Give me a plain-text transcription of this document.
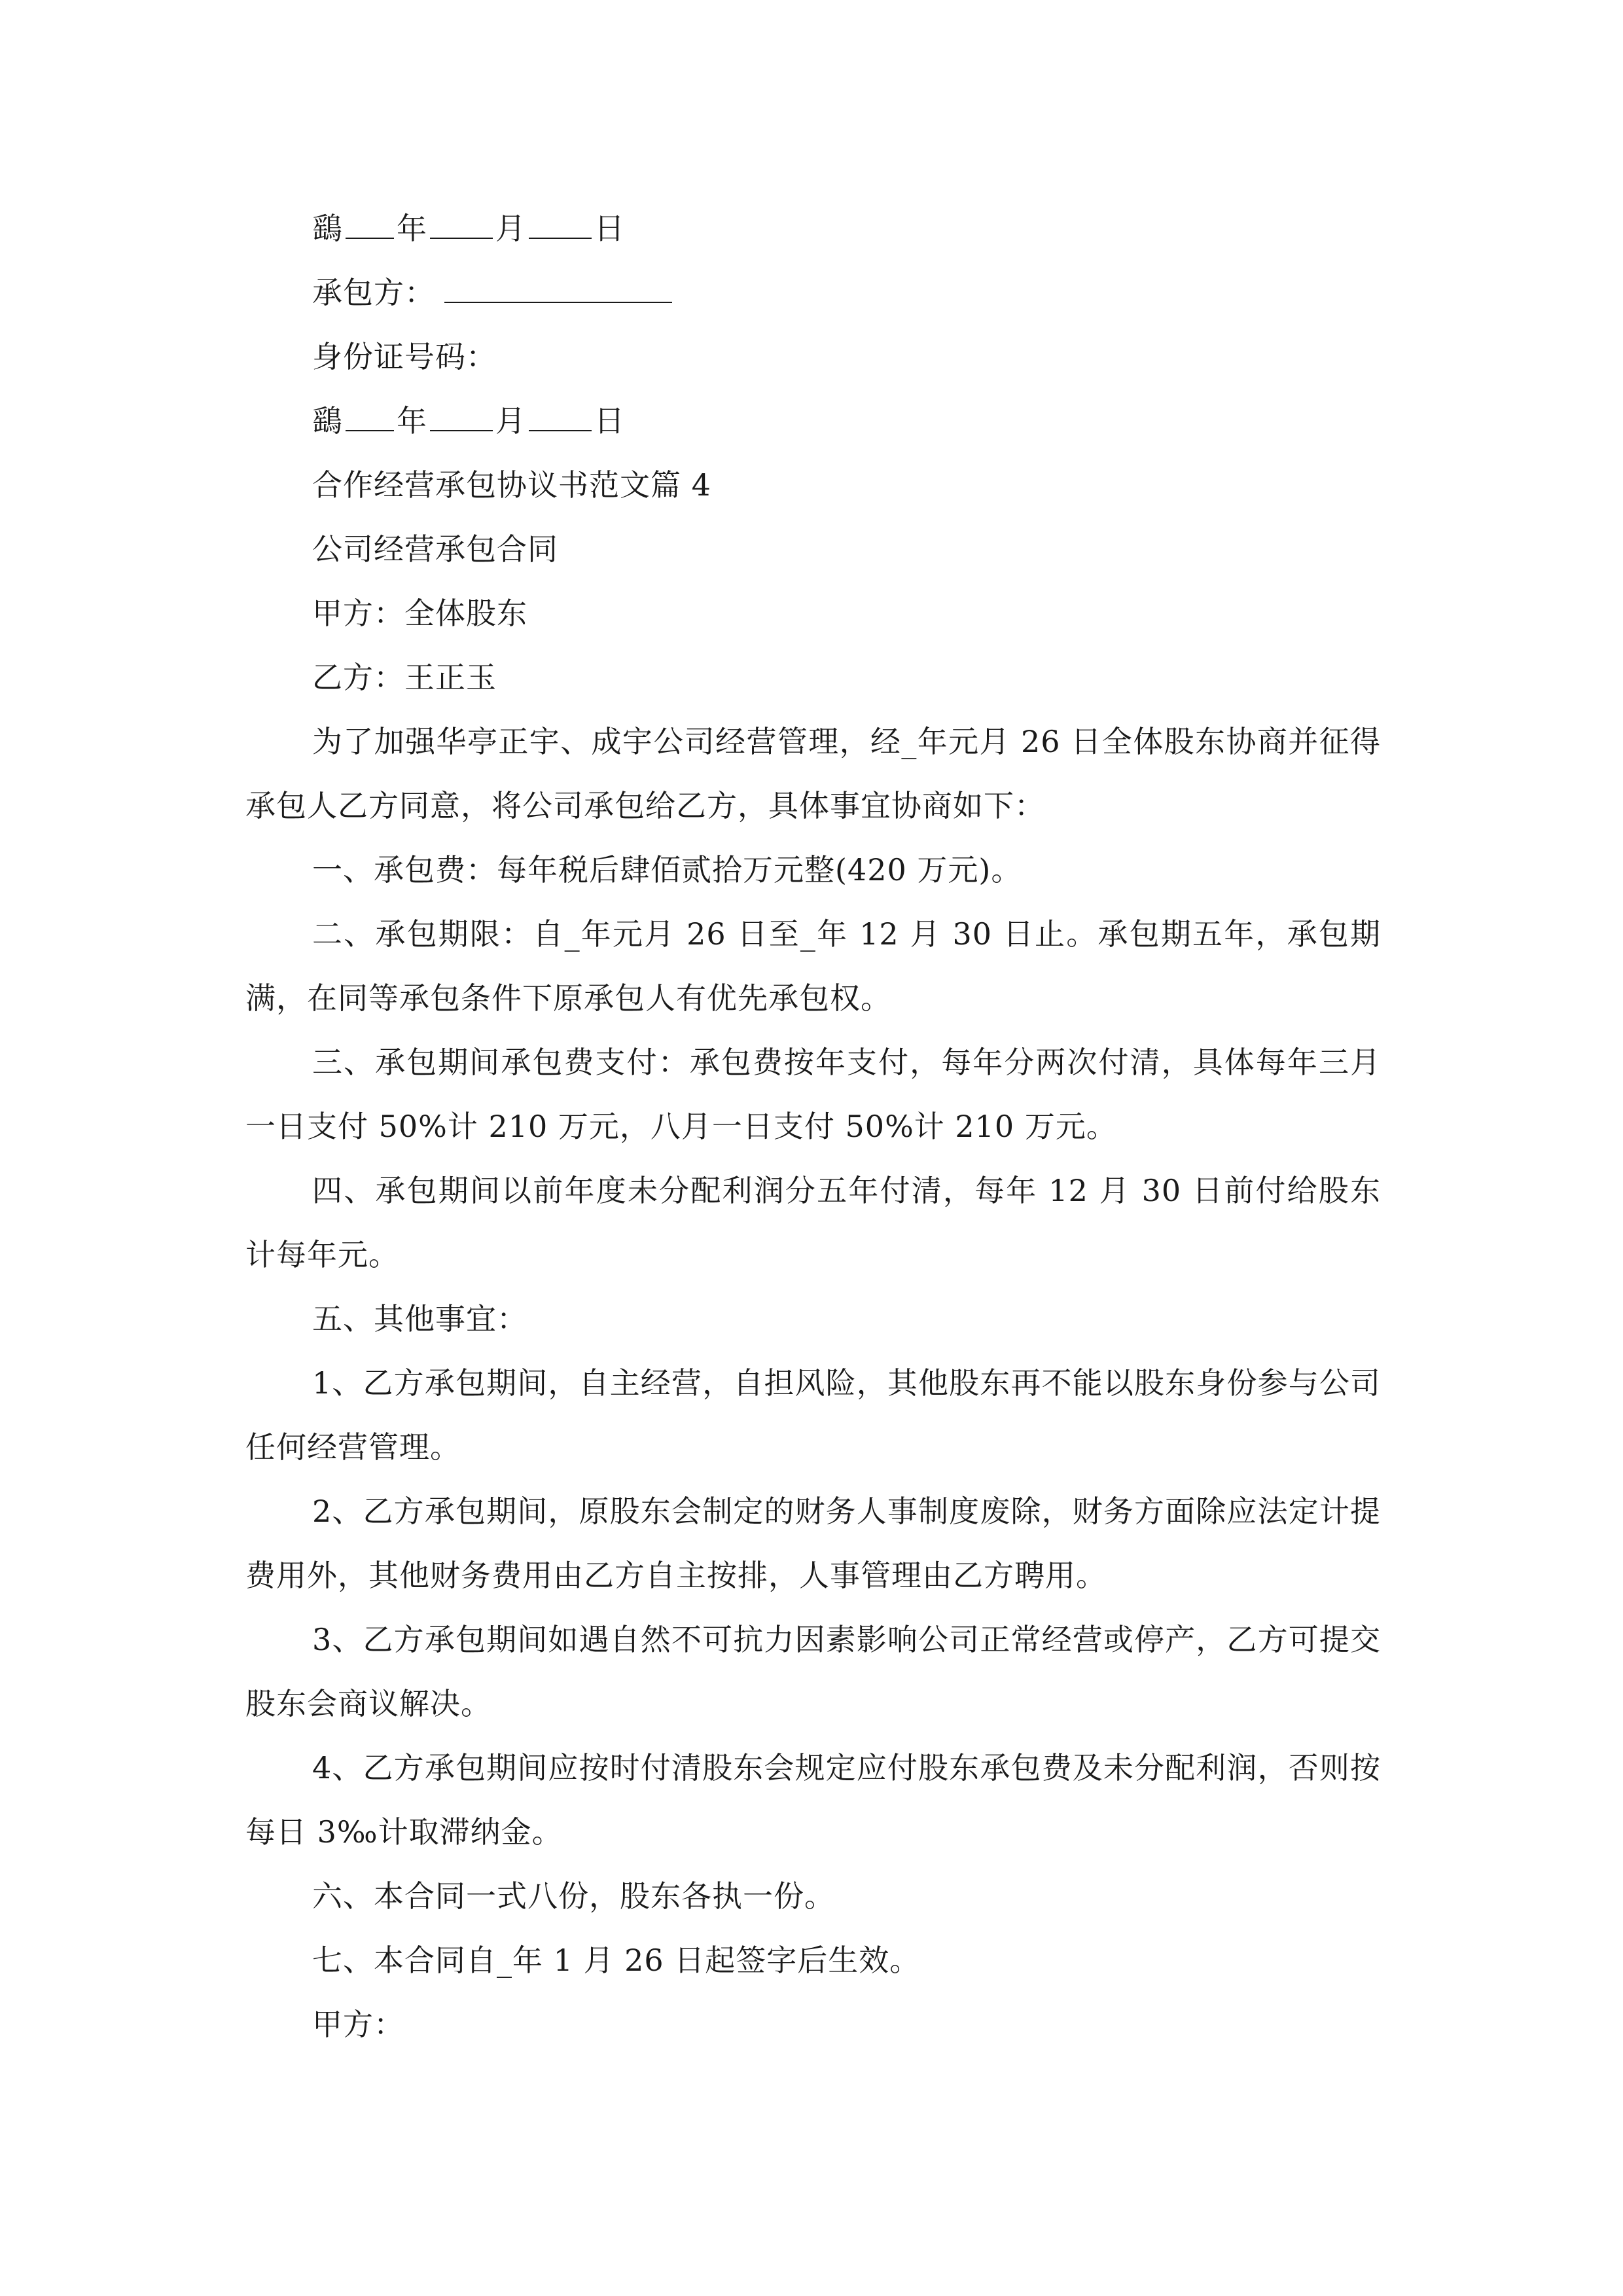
鷂 年 月 日
承包方：
身份证号码：
鷂 年 月 日
合作经营承包协议书范文篇 4
公司经营承包合同
甲方：全体股东
乙方：王正玉
为了加强华亭正宇、成宇公司经营管理，经_年元月 26 日全体股东协商并征得承包人乙方同意，将公司承包给乙方，具体事宜协商如下：
一、承包费：每年税后肆佰贰拾万元整(420 万元)。
二、承包期限：自_年元月 26 日至_年 12 月 30 日止。承包期五年，承包期满，在同等承包条件下原承包人有优先承包权。
三、承包期间承包费支付：承包费按年支付，每年分两次付清，具体每年三月一日支付 50%计 210 万元，八月一日支付 50%计 210 万元。
四、承包期间以前年度未分配利润分五年付清，每年 12 月 30 日前付给股东计每年元。
五、其他事宜：
1、乙方承包期间，自主经营，自担风险，其他股东再不能以股东身份参与公司任何经营管理。
2、乙方承包期间，原股东会制定的财务人事制度废除，财务方面除应法定计提费用外，其他财务费用由乙方自主按排，人事管理由乙方聘用。
3、乙方承包期间如遇自然不可抗力因素影响公司正常经营或停产，乙方可提交股东会商议解决。
4、乙方承包期间应按时付清股东会规定应付股东承包费及未分配利润，否则按每日 3‰计取滞纳金。
六、本合同一式八份，股东各执一份。
七、本合同自_年 1 月 26 日起签字后生效。
甲方：
